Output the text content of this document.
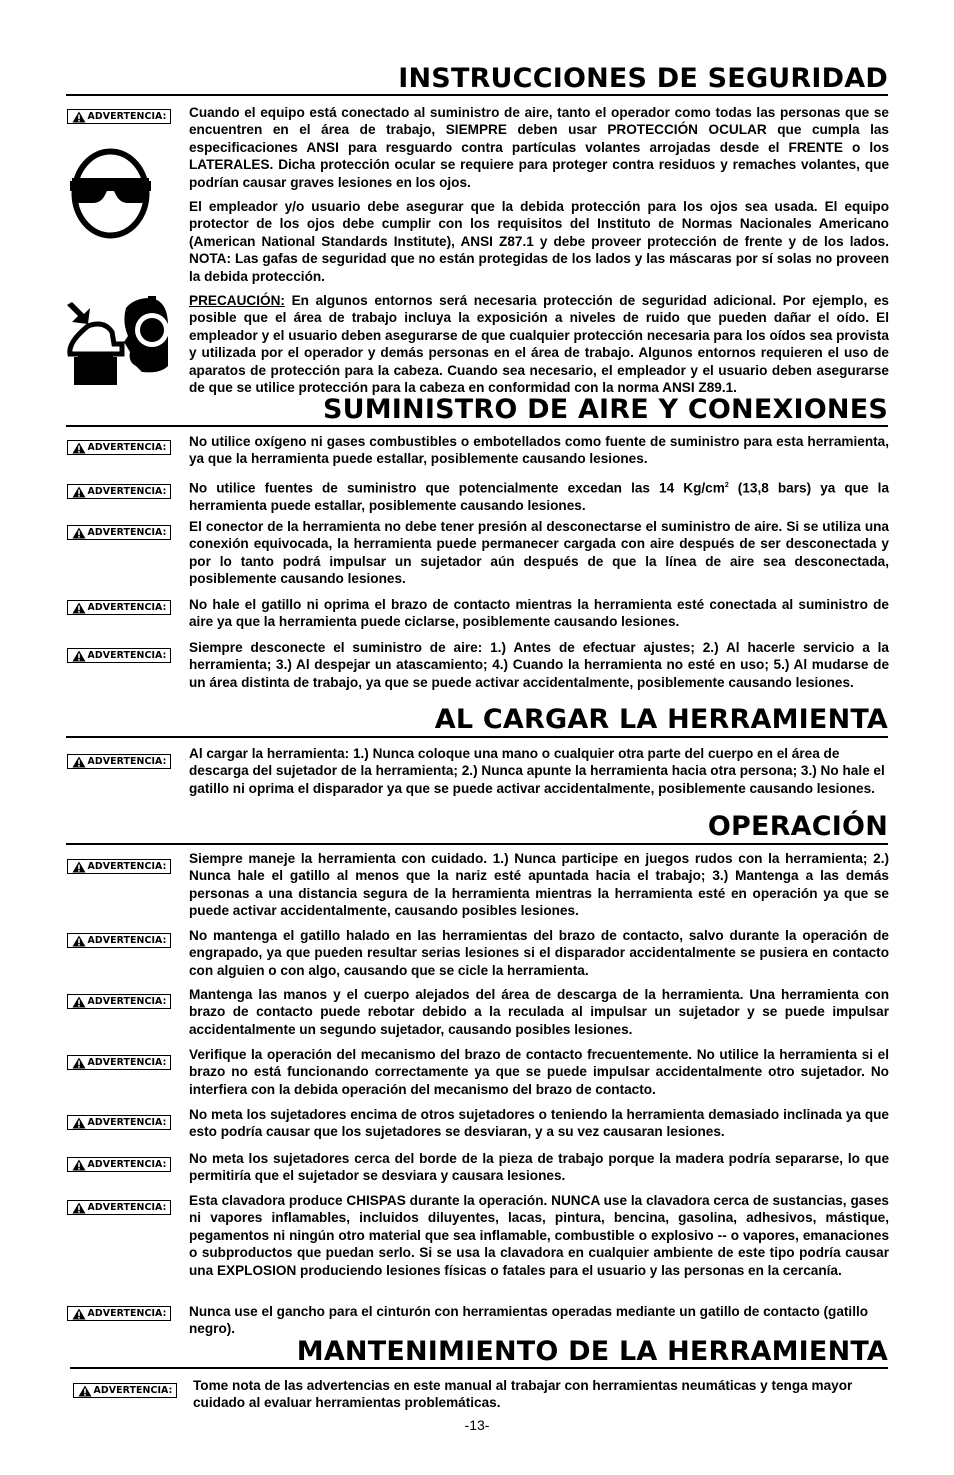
INSTRUCCIONES DE SEGURIDAD
ADVERTENCIA: Cuando el equipo está conectado al suministro de aire, tanto el operador como todas las personas que se encuentren en el área de trabajo, SIEMPRE deben usar PROTECCIÓN OCULAR que cumpla las especificaciones ANSI para resguardo contra partículas volantes arrojadas desde el FRENTE o los LATERALES. Dicha protección ocular se requiere para proteger contra residuos y remaches volantes, que podrían causar graves lesiones en los ojos.

El empleador y/o usuario debe asegurar que la debida protección para los ojos sea usada. El equipo protector de los ojos debe cumplir con los requisitos del Instituto de Normas Nacionales Americano (American National Standards Institute), ANSI Z87.1 y debe proveer protección de frente y de los lados. NOTA: Las gafas de seguridad que no están protegidas de los lados y las máscaras por sí solas no proveen la debida protección.

PRECAUCIÓN: En algunos entornos será necesaria protección de seguridad adicional. Por ejemplo, es posible que el área de trabajo incluya la exposición a niveles de ruido que pueden dañar el oído. El empleador y el usuario deben asegurarse de que cualquier protección necesaria para los oídos sea provista y utilizada por el operador y demás personas en el área de trabajo. Algunos entornos requieren el uso de aparatos de protección para la cabeza. Cuando sea necesario, el empleador y el usuario deben asegurarse de que se utilice protección para la cabeza en conformidad con la norma ANSI Z89.1.

SUMINISTRO DE AIRE Y CONEXIONES
ADVERTENCIA: No utilice oxígeno ni gases combustibles o embotellados como fuente de suministro para esta herramienta, ya que la herramienta puede estallar, posiblemente causando lesiones.

ADVERTENCIA: No utilice fuentes de suministro que potencialmente excedan las 14 $Kg/cm^2$ (13,8 bars) ya que la herramienta puede estallar, posiblemente causando lesiones.

ADVERTENCIA: El conector de la herramienta no debe tener presión al desconectarse el suministro de aire. Si se utiliza una conexión equivocada, la herramienta puede permanecer cargada con aire después de ser desconectada y por lo tanto podrá impulsar un sujetador aún después de que la línea de aire sea desconectada, posiblemente causando lesiones.

ADVERTENCIA: No hale el gatillo ni oprima el brazo de contacto mientras la herramienta esté conectada al suministro de aire ya que la herramienta puede ciclarse, posiblemente causando lesiones.

ADVERTENCIA:

Siempre desconecte el suministro de aire: 1.) Antes de efectuar ajustes; 2.) Al hacerle servicio a la herramienta; 3.) Al despejar un atascamiento; 4.) Cuando la herramienta no esté en uso; 5.) Al mudarse de un área distinta de trabajo, ya que se puede activar accidentalmente, posiblemente causando lesiones.

AL CARGAR LA HERRAMIENTA
ADVERTENCIA:

Al cargar la herramienta: 1.) Nunca coloque una mano o cualquier otra parte del cuerpo en el área de descarga del sujetador de la herramienta; 2.) Nunca apunte la herramienta hacia otra persona; 3.) No hale el gatillo ni oprima el disparador ya que se puede activar accidentalmente, posiblemente causando lesiones.

OPERACIÓN
ADVERTENCIA:

Siempre maneje la herramienta con cuidado. 1.) Nunca participe en juegos rudos con la herramienta; 2.) Nunca hale el gatillo al menos que la nariz esté apuntada hacia el trabajo; 3.) Mantenga a las demás personas a una distancia segura de la herramienta mientras la herramienta esté en operación ya que se puede activar accidentalmente, causando posibles lesiones.

ADVERTENCIA: No mantenga el gatillo halado en las herramientas del brazo de contacto, salvo durante la operación de engrapado, ya que pueden resultar serias lesiones si el disparador accidentalmente se pusiera en contacto con alguien o con algo, causando que se cicle la herramienta.

ADVERTENCIA: Mantenga las manos y el cuerpo alejados del área de descarga de la herramienta. Una herramienta con brazo de contacto puede rebotar debido a la reculada al impulsar un sujetador y se puede impulsar accidentalmente un segundo sujetador, causando posibles lesiones.

ADVERTENCIA:

Verifique la operación del mecanismo del brazo de contacto frecuentemente. No utilice la herramienta si el brazo no está funcionando correctamente ya que se puede impulsar accidentalmente otro sujetador. No interfiera con la debida operación del mecanismo del brazo de contacto.

ADVERTENCIA:

No meta los sujetadores encima de otros sujetadores o teniendo la herramienta demasiado inclinada ya que esto podría causar que los sujetadores se desviaran, y a su vez causaran lesiones.

ADVERTENCIA: No meta los sujetadores cerca del borde de la pieza de trabajo porque la madera podría separarse, lo que permitiría que el sujetador se desviara y causara lesiones.

ADVERTENCIA: Esta clavadora produce CHISPAS durante la operación. NUNCA use la clavadora cerca de sustancias, gases ni vapores inflamables, incluidos diluyentes, lacas, pintura, bencina, gasolina, adhesivos, mástique, pegamentos ni ningún otro material que sea inflamable, combustible o explosivo -- o vapores, emanaciones o subproductos que puedan serlo. Si se usa la clavadora en cualquier ambiente de este tipo podría causar una EXPLOSION produciendo lesiones físicas o fatales para el usuario y las personas en la cercanía.

ADVERTENCIA: Nunca use el gancho para el cinturón con herramientas operadas mediante un gatillo de contacto (gatillo negro).

MANTENIMIENTO DE LA HERRAMIENTA
ADVERTENCIA: Tome nota de las advertencias en este manual al trabajar con herramientas neumáticas y tenga mayor cuidado al evaluar herramientas problemáticas.

-13-
